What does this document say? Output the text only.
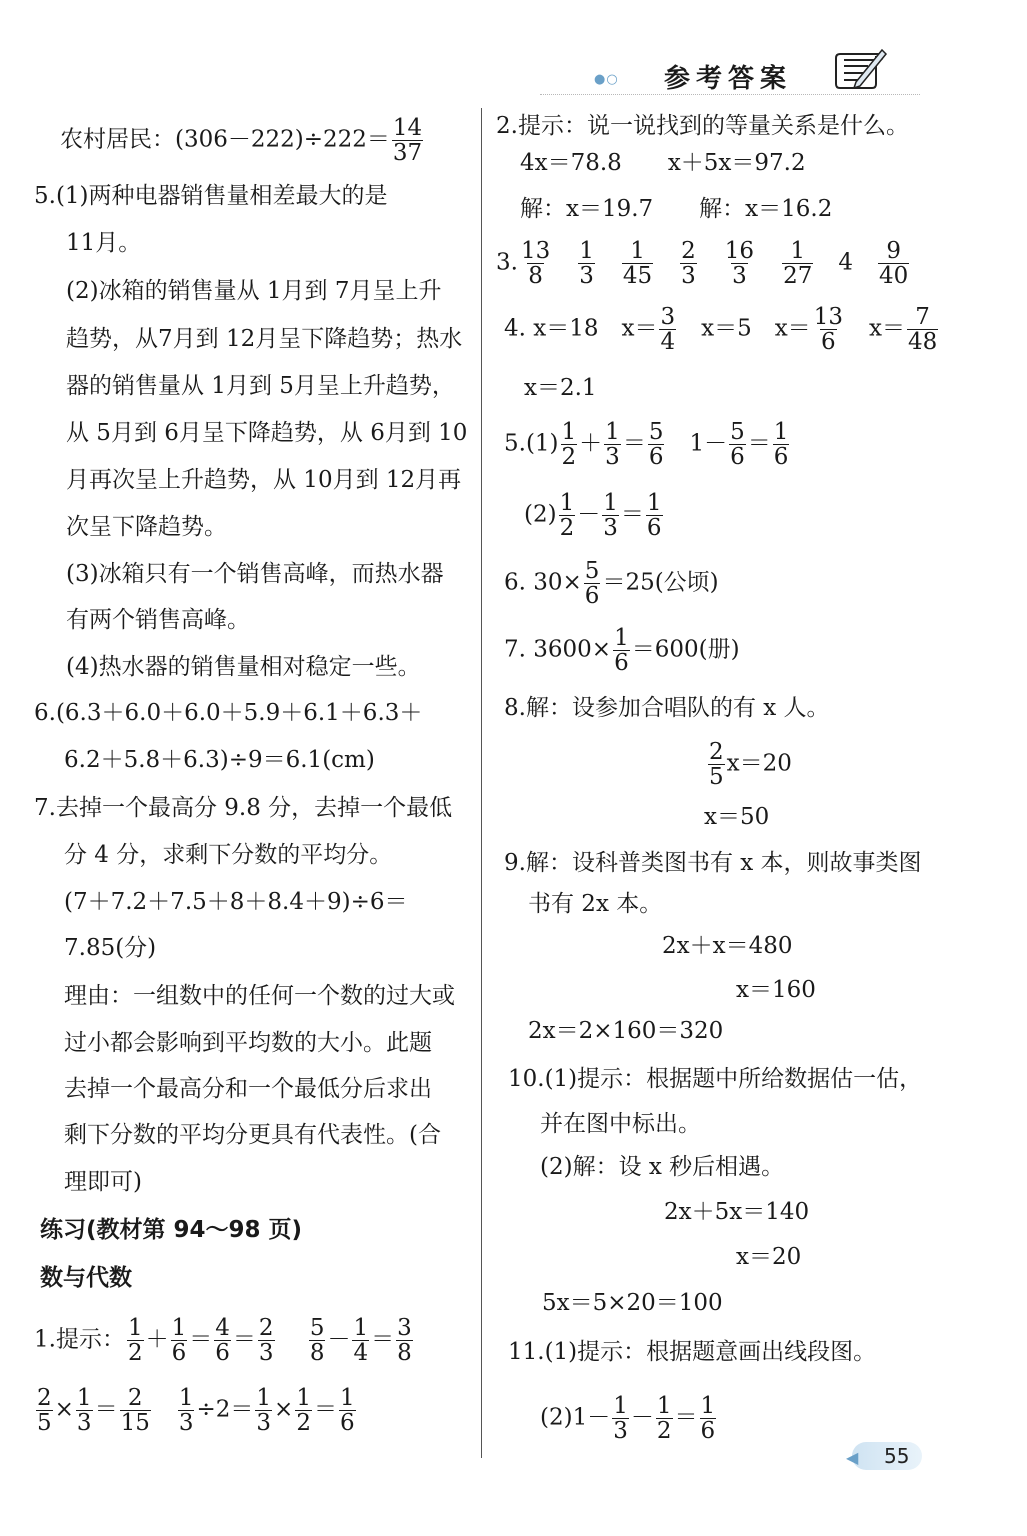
●○ 参考答案
农村居民：$(306-222)\div 222= \frac{14}{37}$
5.(1)两种电器销售量相差最大的是
11月。
(2)冰箱的销售量从 1月到 7月呈上升
趋势，从7月到 12月呈下降趋势；热水
器的销售量从 1月到 5月呈上升趋势，
从 5月到 6月呈下降趋势，从 6月到 10
月再次呈上升趋势，从 10月到 12月再
次呈下降趋势。
(3)冰箱只有一个销售高峰，而热水器
有两个销售高峰。
(4)热水器的销售量相对稳定一些。
6.(6.3＋6.0＋6.0＋5.9＋6.1＋6.3＋
6.2＋5.8＋6.3)÷9＝6.1(cm)
7.去掉一个最高分 9.8 分，去掉一个最低
分 4 分，求剩下分数的平均分。
(7＋7.2＋7.5＋8＋8.4＋9)÷6＝
7.85(分)
理由：一组数中的任何一个数的过大或
过小都会影响到平均数的大小。此题
去掉一个最高分和一个最低分后求出
剩下分数的平均分更具有代表性。(合
理即可)
练习(教材第 94～98 页)
数与代数
1.提示： $\frac{1}{2} + \frac{1}{6} = \frac{4}{6} = \frac{2}{3}$
　 $\frac{5}{8} - \frac{1}{4} = \frac{3}{8}$
$\frac{2}{5} \times \frac{1}{3} = \frac{2}{15}$
　 $\frac{1}{3} \div 2= \frac{1}{3} \times \frac{1}{2} = \frac{1}{6}$
2.提示：说一说找到的等量关系是什么。
4x＝78.8　　x＋5x＝97.2
解：x＝19.7　　解：x＝16.2
3. $\frac{13}{8}$
　 $\frac{1}{3}$
　 $\frac{1}{45}$
　 $\frac{2}{3}$
　 $\frac{16}{3}$
　 $\frac{1}{27}$ 　4　 $\frac{9}{40}$
4. x＝18　$x= \frac{3}{4}$ 　x＝5　$x= \frac{13}{6}$ 　$x= \frac{7}{48}$
x＝2.1
$5.(1) \frac{1}{2} + \frac{1}{3} = \frac{5}{6}$ 　$1- \frac{5}{6} = \frac{1}{6}$
$(2) \frac{1}{2} - \frac{1}{3} = \frac{1}{6}$
6. $30\times \frac{5}{6} =25$(公顷)
7. $3600\times \frac{1}{6} =600$(册)
8.解：设参加合唱队的有 x 人。
$\frac{2}{5} x=20$
x＝50
9.解：设科普类图书有 x 本，则故事类图
书有 2x 本。
2x＋x＝480
x＝160
2x＝2×160＝320
10.(1)提示：根据题中所给数据估一估，
并在图中标出。
(2)解：设 x 秒后相遇。
2x＋5x＝140
x＝20
5x＝5×20＝100
11.(1)提示：根据题意画出线段图。
$(2)1- \frac{1}{3} - \frac{1}{2} = \frac{1}{6}$
◀ 55
